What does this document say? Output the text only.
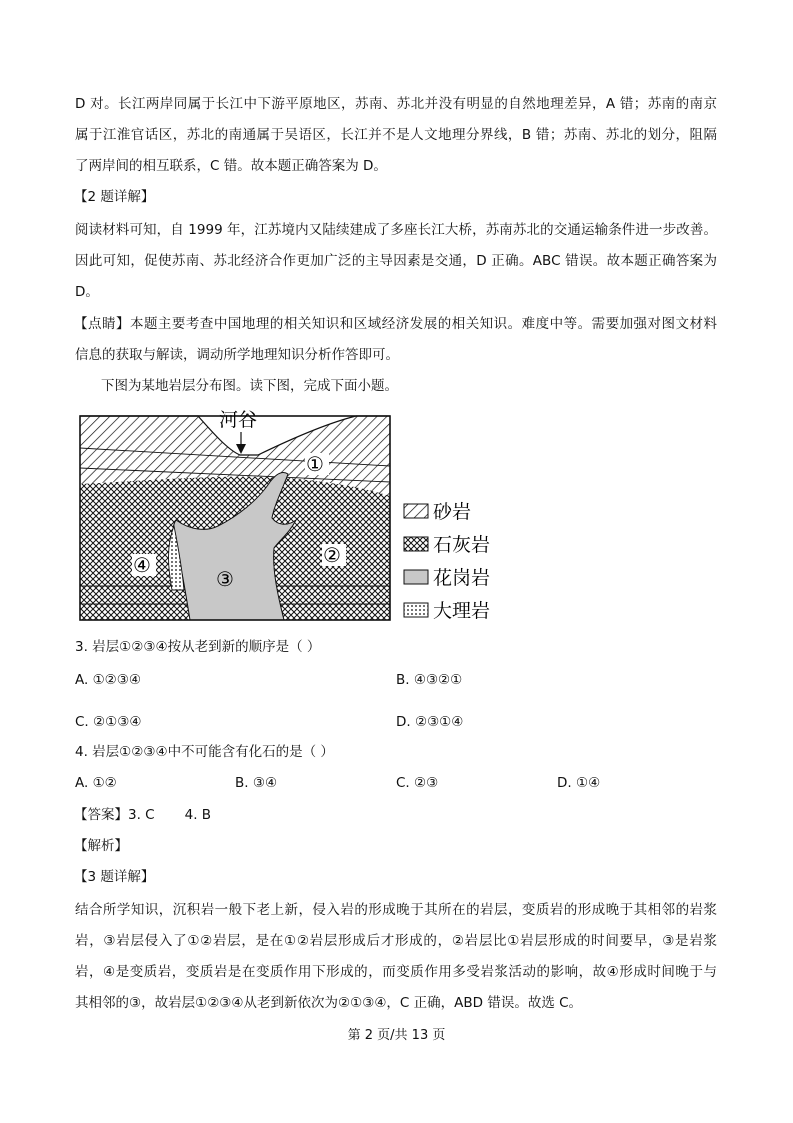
D 对。长江两岸同属于长江中下游平原地区，苏南、苏北并没有明显的自然地理差异，A 错；苏南的南京
属于江淮官话区，苏北的南通属于吴语区，长江并不是人文地理分界线，B 错；苏南、苏北的划分，阻隔
了两岸间的相互联系，C 错。故本题正确答案为 D。
【2 题详解】
阅读材料可知，自 1999 年，江苏境内又陆续建成了多座长江大桥，苏南苏北的交通运输条件进一步改善。
因此可知，促使苏南、苏北经济合作更加广泛的主导因素是交通，D 正确。ABC 错误。故本题正确答案为
D。
【点睛】本题主要考查中国地理的相关知识和区域经济发展的相关知识。难度中等。需要加强对图文材料
信息的获取与解读，调动所学地理知识分析作答即可。
下图为某地岩层分布图。读下图，完成下面小题。
河谷
①
②
③
④
砂岩
石灰岩
花岗岩
大理岩
3. 岩层①②③④按从老到新的顺序是（ ）
A. ①②③④	B. ④③②①
C. ②①③④	D. ②③①④
4. 岩层①②③④中不可能含有化石的是（ ）
A. ①②	B. ③④	C. ②③	D. ①④
【答案】3. C       4. B
【解析】
【3 题详解】
结合所学知识，沉积岩一般下老上新，侵入岩的形成晚于其所在的岩层，变质岩的形成晚于其相邻的岩浆
岩，③岩层侵入了①②岩层，是在①②岩层形成后才形成的，②岩层比①岩层形成的时间要早，③是岩浆
岩，④是变质岩，变质岩是在变质作用下形成的，而变质作用多受岩浆活动的影响，故④形成时间晚于与
其相邻的③，故岩层①②③④从老到新依次为②①③④，C 正确，ABD 错误。故选 C。
第 2 页/共 13 页
